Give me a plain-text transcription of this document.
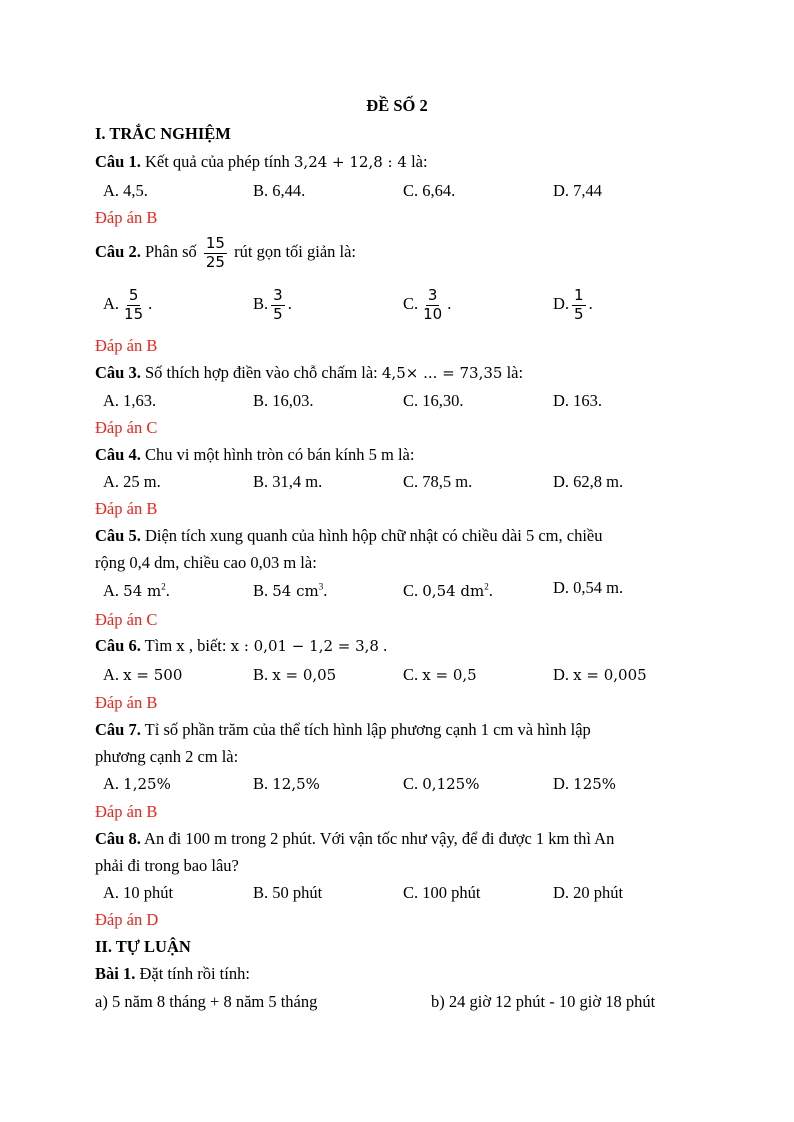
ĐỀ SỐ 2
I. TRẮC NGHIỆM
Câu 1. Kết quả của phép tính 3,24 + 12,8 : 4 là:
A. 4,5.	B. 6,44.	C. 6,64.	D. 7,44
Đáp án B
Câu 2. Phân số $\frac{15}{25}$ rút gọn tối giản là:
A. $\frac{5}{15}$ .	B. $\frac{3}{5}$ .	C. $\frac{3}{10}$ .	D. $\frac{1}{5}$ .
Đáp án B
Câu 3. Số thích hợp điền vào chỗ chấm là: 4,5× ... = 73,35 là:
A. 1,63.	B. 16,03.	C. 16,30.	D. 163.
Đáp án C
Câu 4. Chu vi một hình tròn có bán kính 5 m là:
A. 25 m.	B. 31,4 m.	C. 78,5 m.	D. 62,8 m.
Đáp án B
Câu 5. Diện tích xung quanh của hình hộp chữ nhật có chiều dài 5 cm, chiều
rộng 0,4 dm, chiều cao 0,03 m là:
A. 54 $m^2$.	B. 54 $cm^3$.	C. 0,54 $dm^2$.	D. 0,54 m.
Đáp án C
Câu 6. Tìm x , biết: x : 0,01 − 1,2 = 3,8 .
A. x = 500	B. x = 0,05	C. x = 0,5	D. x = 0,005
Đáp án B
Câu 7. Tỉ số phần trăm của thể tích hình lập phương cạnh 1 cm và hình lập
phương cạnh 2 cm là:
A. 1,25%	B. 12,5%	C. 0,125%	D. 125%
Đáp án B
Câu 8. An đi 100 m trong 2 phút. Với vận tốc như vậy, để đi được 1 km thì An
phải đi trong bao lâu?
A. 10 phút	B. 50 phút	C. 100 phút	D. 20 phút
Đáp án D
II. TỰ LUẬN
Bài 1. Đặt tính rồi tính:
a) 5 năm 8 tháng + 8 năm 5 tháng	b) 24 giờ 12 phút - 10 giờ 18 phút
